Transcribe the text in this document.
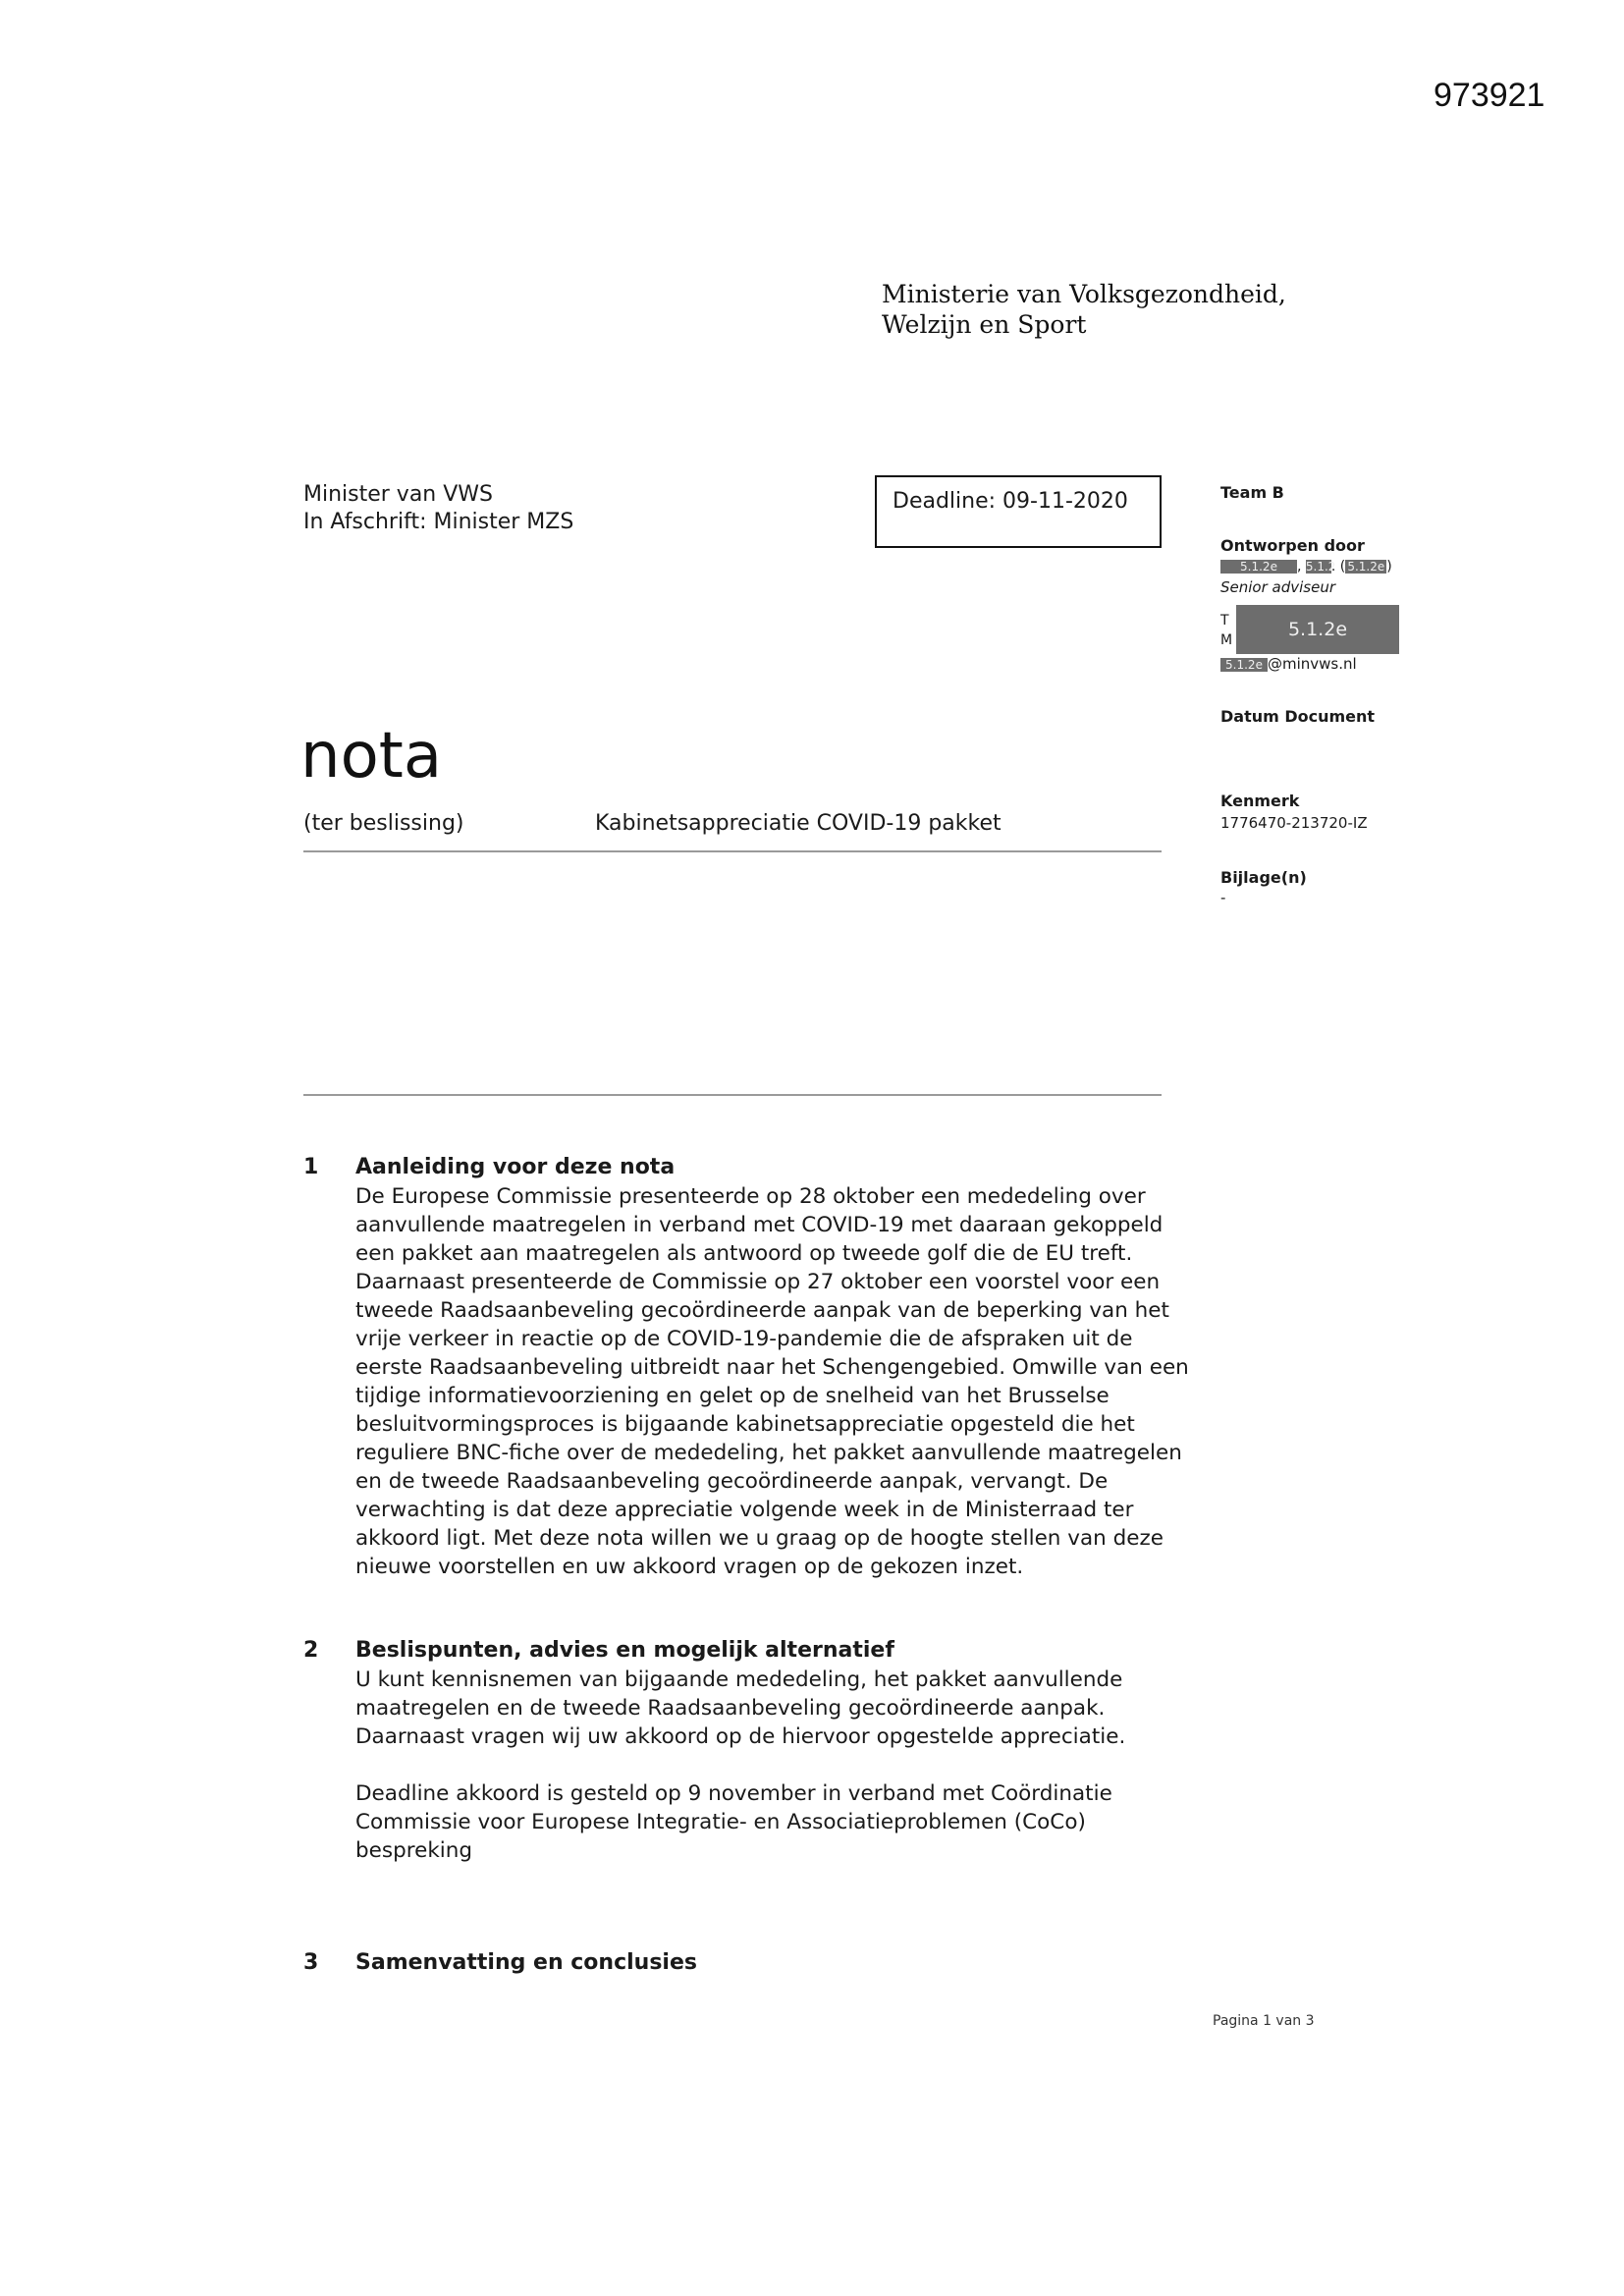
973921
Ministerie van Volksgezondheid,
Welzijn en Sport
Minister van VWS
In Afschrift: Minister MZS
Deadline: 09-11-2020	Team B
Ontworpen door
5.1.2e , 5.1.2. ( 5.1.2e )
Senior adviseur
T
M	5.1.2e
5.1.2e @minvws.nl
Datum Document
Kenmerk
1776470-213720-IZ
Bijlage(n)
-
nota
(ter beslissing)	Kabinetsappreciatie COVID-19 pakket
1 Aanleiding voor deze nota
De Europese Commissie presenteerde op 28 oktober een mededeling over
aanvullende maatregelen in verband met COVID-19 met daaraan gekoppeld
een pakket aan maatregelen als antwoord op tweede golf die de EU treft.
Daarnaast presenteerde de Commissie op 27 oktober een voorstel voor een
tweede Raadsaanbeveling gecoördineerde aanpak van de beperking van het
vrije verkeer in reactie op de COVID-19-pandemie die de afspraken uit de
eerste Raadsaanbeveling uitbreidt naar het Schengengebied. Omwille van een
tijdige informatievoorziening en gelet op de snelheid van het Brusselse
besluitvormingsproces is bijgaande kabinetsappreciatie opgesteld die het
reguliere BNC-fiche over de mededeling, het pakket aanvullende maatregelen
en de tweede Raadsaanbeveling gecoördineerde aanpak, vervangt. De
verwachting is dat deze appreciatie volgende week in de Ministerraad ter
akkoord ligt. Met deze nota willen we u graag op de hoogte stellen van deze
nieuwe voorstellen en uw akkoord vragen op de gekozen inzet.
2 Beslispunten, advies en mogelijk alternatief
U kunt kennisnemen van bijgaande mededeling, het pakket aanvullende
maatregelen en de tweede Raadsaanbeveling gecoördineerde aanpak.
Daarnaast vragen wij uw akkoord op de hiervoor opgestelde appreciatie.
Deadline akkoord is gesteld op 9 november in verband met Coördinatie
Commissie voor Europese Integratie- en Associatieproblemen (CoCo)
bespreking
3 Samenvatting en conclusies
Pagina 1 van 3
